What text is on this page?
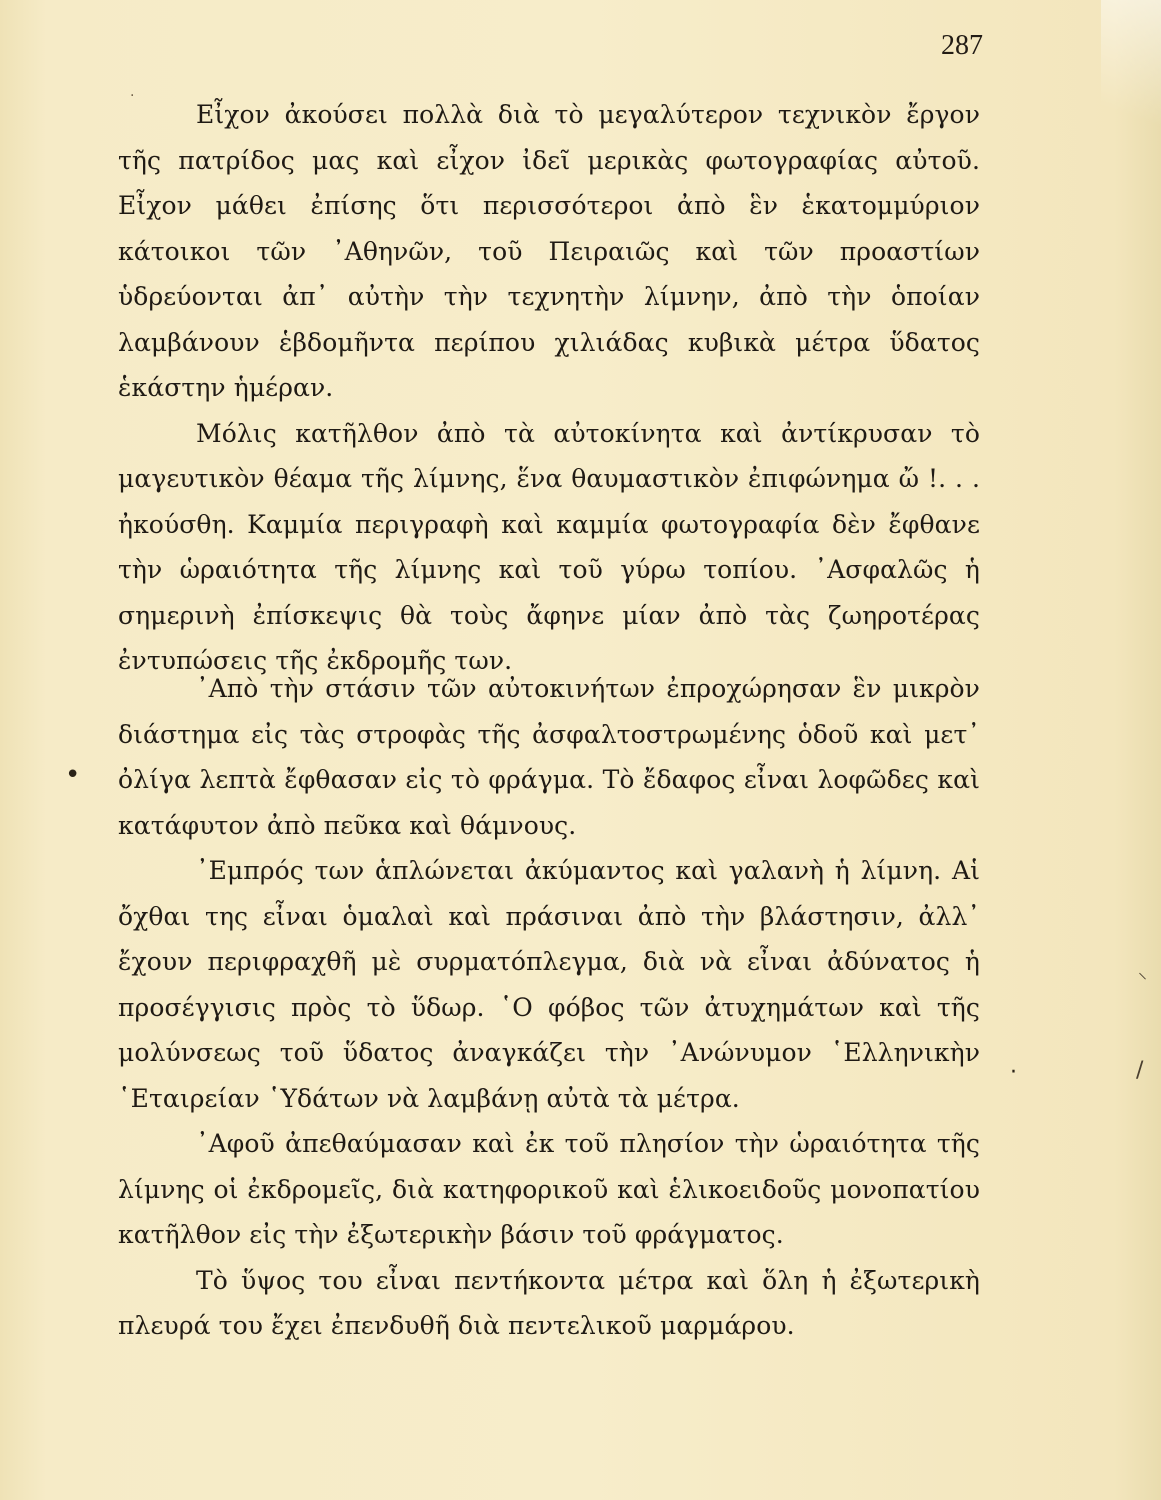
287

Εἶχον ἀκούσει πολλὰ διὰ τὸ μεγαλύτερον τεχνικὸν ἔργον τῆς πατρίδος μας καὶ εἶχον ἰδεῖ μερικὰς φωτογραφίας αὐτοῦ. Εἶχον μάθει ἐπίσης ὅτι περισσότεροι ἀπὸ ἓν ἑκατομμύριον κάτοικοι τῶν ᾿Αθηνῶν, τοῦ Πειραιῶς καὶ τῶν προαστίων ὑδρεύονται ἀπ᾿ αὐτὴν τὴν τεχνητὴν λίμνην, ἀπὸ τὴν ὁποίαν λαμβάνουν ἑβδομῆντα περίπου χιλιάδας κυβικὰ μέτρα ὕδατος ἑκάστην ἡμέραν.

Μόλις κατῆλθον ἀπὸ τὰ αὐτοκίνητα καὶ ἀντίκρυσαν τὸ μαγευτικὸν θέαμα τῆς λίμνης, ἕνα θαυμαστικὸν ἐπιφώνημα ὤ !. . . ἠκούσθη. Καμμία περιγραφὴ καὶ καμμία φωτογραφία δὲν ἔφθανε τὴν ὡραιότητα τῆς λίμνης καὶ τοῦ γύρω τοπίου. ᾿Ασφαλῶς ἡ σημερινὴ ἐπίσκεψις θὰ τοὺς ἄφηνε μίαν ἀπὸ τὰς ζωηροτέρας ἐντυπώσεις τῆς ἐκδρομῆς των.

᾿Απὸ τὴν στάσιν τῶν αὐτοκινήτων ἐπροχώρησαν ἓν μικρὸν διάστημα εἰς τὰς στροφὰς τῆς ἀσφαλτοστρωμένης ὁδοῦ καὶ μετ᾿ ὀλίγα λεπτὰ ἔφθασαν εἰς τὸ φράγμα. Τὸ ἔδαφος εἶναι λοφῶδες καὶ κατάφυτον ἀπὸ πεῦκα καὶ θάμνους.

᾿Εμπρός των ἁπλώνεται ἀκύμαντος καὶ γαλανὴ ἡ λίμνη. Αἱ ὄχθαι της εἶναι ὁμαλαὶ καὶ πράσιναι ἀπὸ τὴν βλάστησιν, ἀλλ᾿ ἔχουν περιφραχθῆ μὲ συρματόπλεγμα, διὰ νὰ εἶναι ἀδύνατος ἡ προσέγγισις πρὸς τὸ ὕδωρ. ῾Ο φόβος τῶν ἀτυχημάτων καὶ τῆς μολύνσεως τοῦ ὕδατος ἀναγκάζει τὴν ᾿Ανώνυμον ῾Ελληνικὴν ῾Εταιρείαν ῾Υδάτων νὰ λαμβάνῃ αὐτὰ τὰ μέτρα.

᾿Αφοῦ ἀπεθαύμασαν καὶ ἐκ τοῦ πλησίον τὴν ὡραιότητα τῆς λίμνης οἱ ἐκδρομεῖς, διὰ κατηφορικοῦ καὶ ἑλικοειδοῦς μονοπατίου κατῆλθον εἰς τὴν ἐξωτερικὴν βάσιν τοῦ φράγματος.

Τὸ ὕψος του εἶναι πεντήκοντα μέτρα καὶ ὅλη ἡ ἐξωτερικὴ πλευρά του ἔχει ἐπενδυθῆ διὰ πεντελικοῦ μαρμάρου.

·
•
⸜
·	/
